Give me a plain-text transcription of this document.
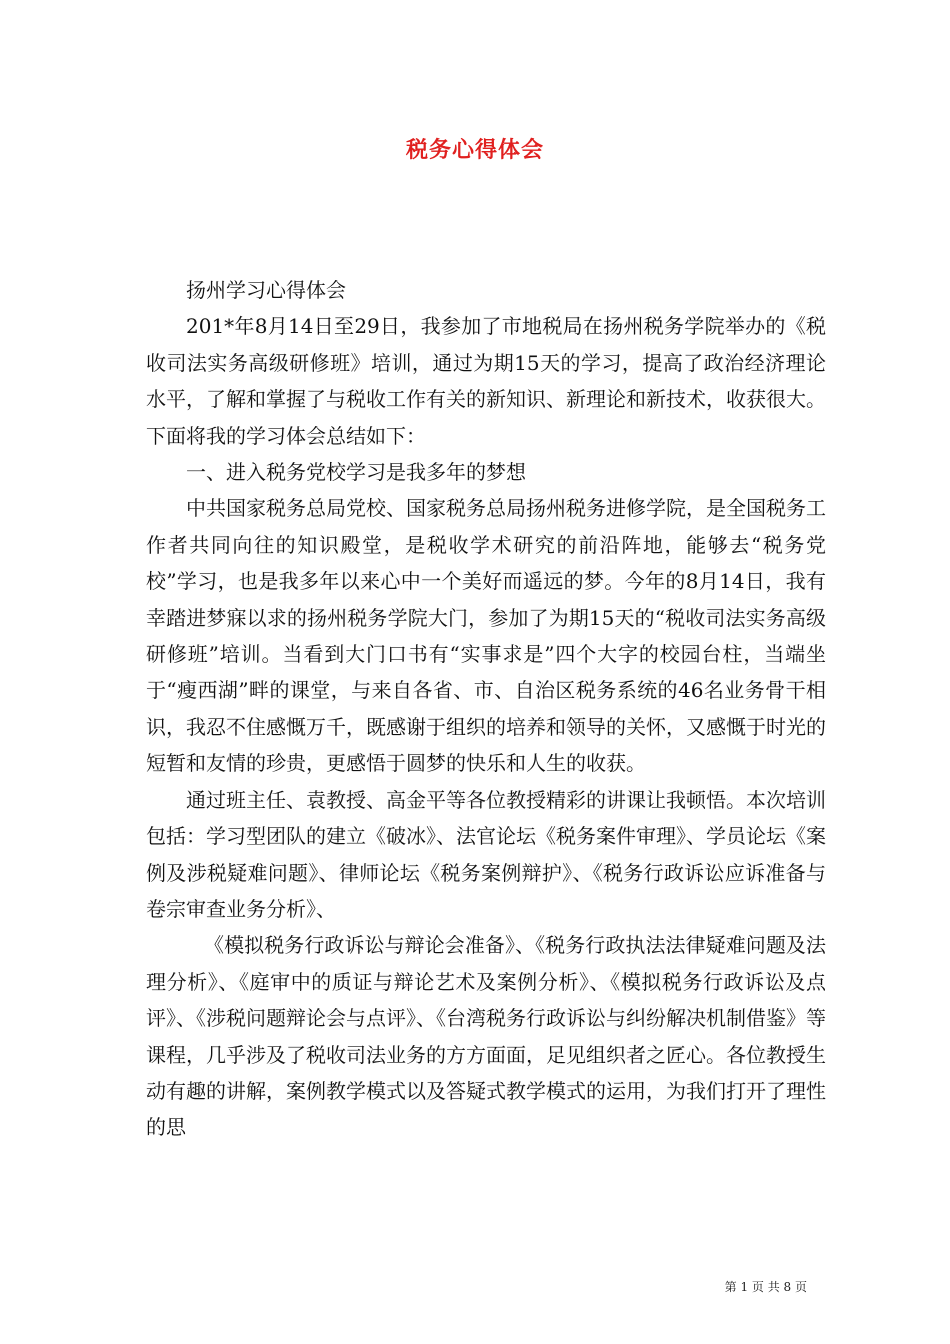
税务心得体会

扬州学习心得体会

201*年8月14日至29日，我参加了市地税局在扬州税务学院举办的《税收司法实务高级研修班》培训，通过为期15天的学习，提高了政治经济理论水平，了解和掌握了与税收工作有关的新知识、新理论和新技术，收获很大。下面将我的学习体会总结如下：

一、进入税务党校学习是我多年的梦想

中共国家税务总局党校、国家税务总局扬州税务进修学院，是全国税务工作者共同向往的知识殿堂，是税收学术研究的前沿阵地，能够去“税务党校”学习，也是我多年以来心中一个美好而遥远的梦。今年的8月14日，我有幸踏进梦寐以求的扬州税务学院大门，参加了为期15天的“税收司法实务高级研修班”培训。当看到大门口书有“实事求是”四个大字的校园台柱，当端坐于“瘦西湖”畔的课堂，与来自各省、市、自治区税务系统的46名业务骨干相识，我忍不住感慨万千，既感谢于组织的培养和领导的关怀，又感慨于时光的短暂和友情的珍贵，更感悟于圆梦的快乐和人生的收获。

通过班主任、袁教授、高金平等各位教授精彩的讲课让我顿悟。本次培训包括：学习型团队的建立《破冰》、法官论坛《税务案件审理》、学员论坛《案例及涉税疑难问题》、律师论坛《税务案例辩护》、《税务行政诉讼应诉准备与卷宗审查业务分析》、

《模拟税务行政诉讼与辩论会准备》、《税务行政执法法律疑难问题及法理分析》、《庭审中的质证与辩论艺术及案例分析》、《模拟税务行政诉讼及点评》、《涉税问题辩论会与点评》、《台湾税务行政诉讼与纠纷解决机制借鉴》等课程，几乎涉及了税收司法业务的方方面面，足见组织者之匠心。各位教授生动有趣的讲解，案例教学模式以及答疑式教学模式的运用，为我们打开了理性的思

第 1 页 共 8 页
